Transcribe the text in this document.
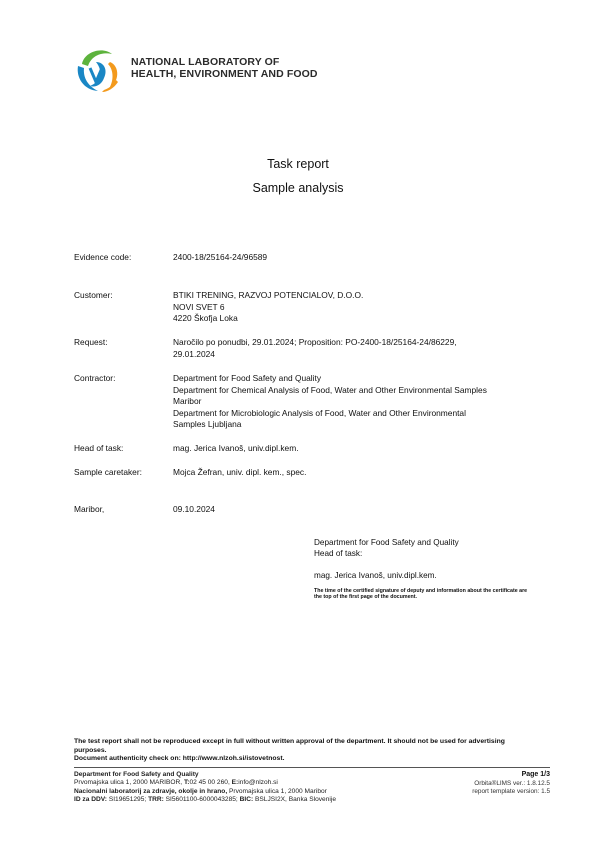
NATIONAL LABORATORY OF
HEALTH, ENVIRONMENT AND FOOD
Task report
Sample analysis
Evidence code:	2400-18/25164-24/96589
Customer:	BTIKI TRENING, RAZVOJ POTENCIALOV, D.O.O.
NOVI SVET 6
4220 Škofja Loka
Request:	Naročilo po ponudbi, 29.01.2024; Proposition: PO-2400-18/25164-24/86229,
29.01.2024
Contractor:	Department for Food Safety and Quality
Department for Chemical Analysis of Food, Water and Other Environmental Samples
Maribor
Department for Microbiologic Analysis of Food, Water and Other Environmental
Samples Ljubljana
Head of task:	mag. Jerica Ivanoš, univ.dipl.kem.
Sample caretaker:	Mojca Žefran, univ. dipl. kem., spec.
Maribor,	09.10.2024
Department for Food Safety and Quality
Head of task:
mag. Jerica Ivanoš, univ.dipl.kem.
The time of the certified signature of deputy and information about the certificate are
the top of the first page of the document.
The test report shall not be reproduced except in full without written approval of the department. It should not be used for advertising
purposes.
Document authenticity check on: http://www.nlzoh.si/istovetnost.
Department for Food Safety and Quality
Prvomajska ulica 1, 2000 MARIBOR, T:02 45 00 260, E:info@nlzoh.si
Nacionalni laboratorij za zdravje, okolje in hrano, Prvomajska ulica 1, 2000 Maribor
ID za DDV: SI19651295; TRR: SI5601100-6000043285; BIC: BSLJSI2X, Banka Slovenije
Page 1/3
Orbita®LIMS ver.: 1.8.12.5
report template version: 1.5
